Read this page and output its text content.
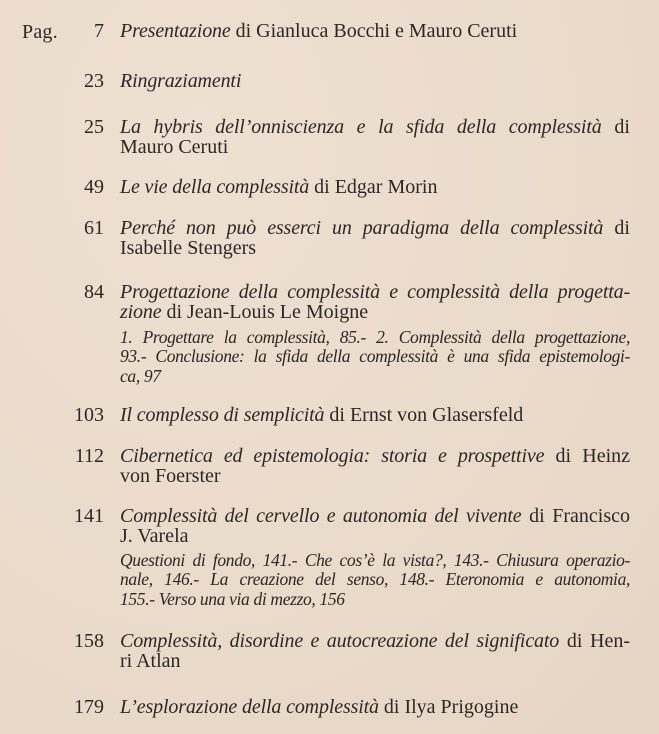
Pag.	7 Presentazione di Gianluca Bocchi e Mauro Ceruti
23 Ringraziamenti
25 La hybris dell’onniscienza e la sfida della complessità di
Mauro Ceruti
49 Le vie della complessità di Edgar Morin
61 Perché non può esserci un paradigma della complessità di
Isabelle Stengers
84 Progettazione della complessità e complessità della progetta-
zione di Jean-Louis Le Moigne
1. Progettare la complessità, 85.- 2. Complessità della progettazione,
93.- Conclusione: la sfida della complessità è una sfida epistemologi-
ca, 97
103 Il complesso di semplicità di Ernst von Glasersfeld
112 Cibernetica ed epistemologia: storia e prospettive di Heinz
von Foerster
141 Complessità del cervello e autonomia del vivente di Francisco
J. Varela
Questioni di fondo, 141.- Che cos’è la vista?, 143.- Chiusura operazio-
nale, 146.- La creazione del senso, 148.- Eteronomia e autonomia,
155.- Verso una via di mezzo, 156
158 Complessità, disordine e autocreazione del significato di Hen-
ri Atlan
179 L’esplorazione della complessità di Ilya Prigogine
